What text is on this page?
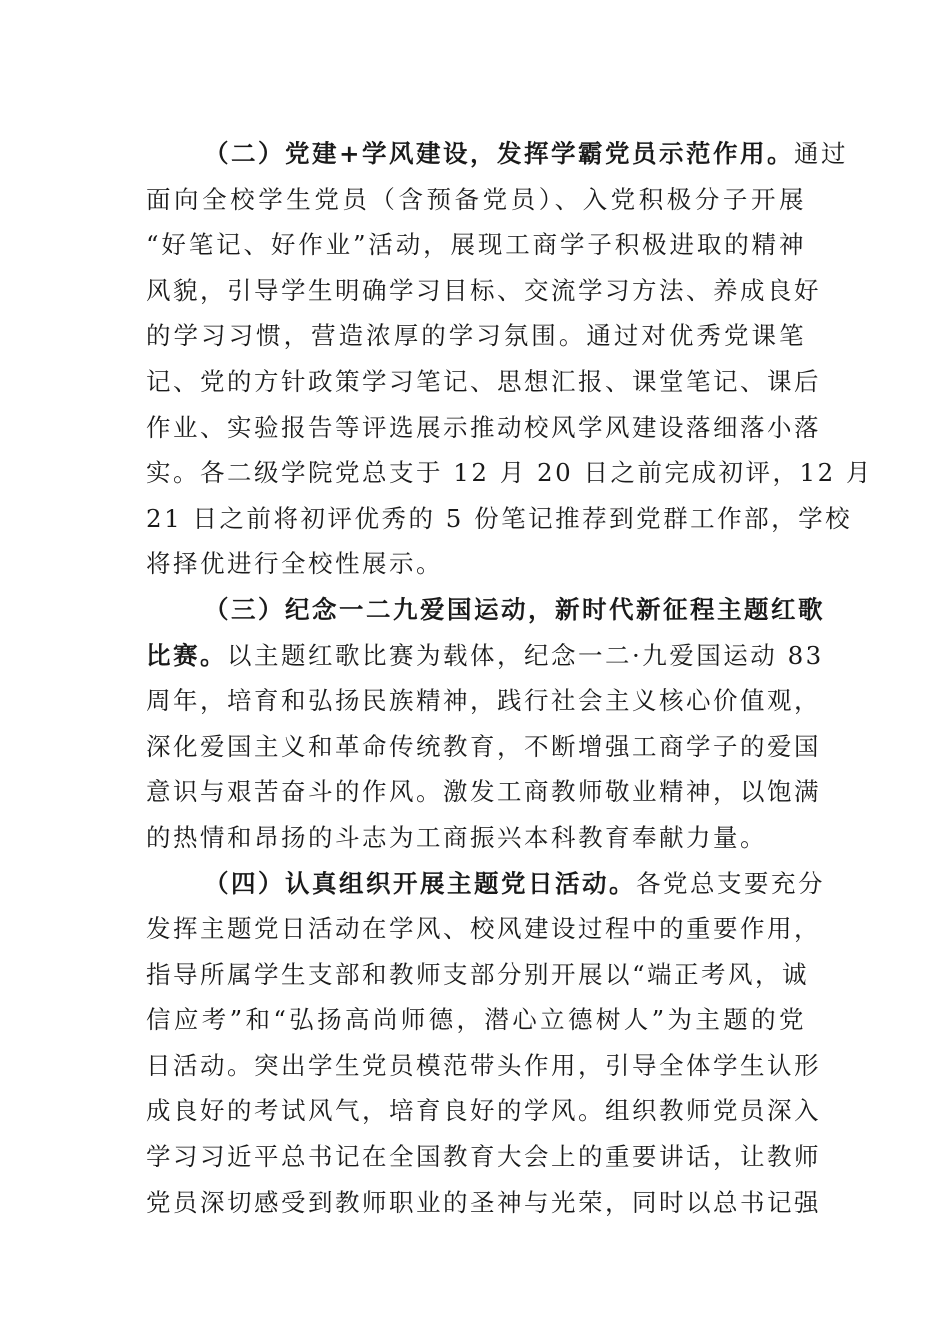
（二）党建+学风建设，发挥学霸党员示范作用。通过
面向全校学生党员（含预备党员）、入党积极分子开展
“好笔记、好作业”活动，展现工商学子积极进取的精神
风貌，引导学生明确学习目标、交流学习方法、养成良好
的学习习惯，营造浓厚的学习氛围。通过对优秀党课笔
记、党的方针政策学习笔记、思想汇报、课堂笔记、课后
作业、实验报告等评选展示推动校风学风建设落细落小落
实。各二级学院党总支于 12 月 20 日之前完成初评，12 月
21 日之前将初评优秀的 5 份笔记推荐到党群工作部，学校
将择优进行全校性展示。
（三）纪念一二九爱国运动，新时代新征程主题红歌
比赛。以主题红歌比赛为载体，纪念一二·九爱国运动 83
周年，培育和弘扬民族精神，践行社会主义核心价值观，
深化爱国主义和革命传统教育，不断增强工商学子的爱国
意识与艰苦奋斗的作风。激发工商教师敬业精神，以饱满
的热情和昂扬的斗志为工商振兴本科教育奉献力量。
（四）认真组织开展主题党日活动。各党总支要充分
发挥主题党日活动在学风、校风建设过程中的重要作用，
指导所属学生支部和教师支部分别开展以“端正考风，诚
信应考”和“弘扬高尚师德，潜心立德树人”为主题的党
日活动。突出学生党员模范带头作用，引导全体学生认形
成良好的考试风气，培育良好的学风。组织教师党员深入
学习习近平总书记在全国教育大会上的重要讲话，让教师
党员深切感受到教师职业的圣神与光荣，同时以总书记强
